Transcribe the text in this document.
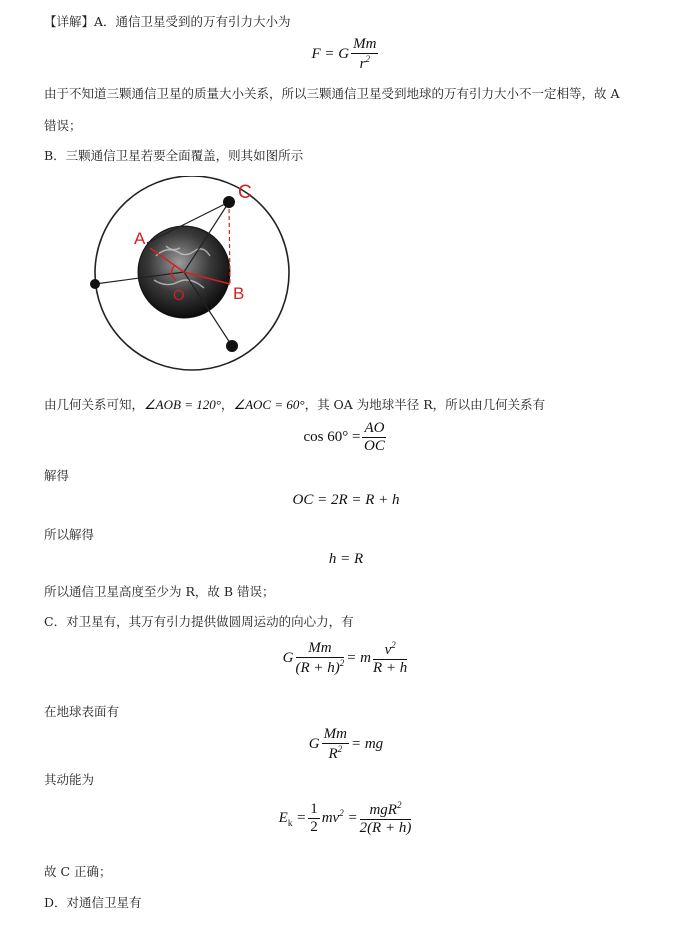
【详解】A．通信卫星受到的万有引力大小为
F = G $\frac{Mm}{r^2}$
由于不知道三颗通信卫星的质量大小关系，所以三颗通信卫星受到地球的万有引力大小不一定相等，故 A
错误；
B．三颗通信卫星若要全面覆盖，则其如图所示
A
B
C
O
由几何关系可知，∠AOB = 120°，∠AOC = 60°，其 OA 为地球半径 R，所以由几何关系有
$\cos 60^\circ = \frac{AO}{OC}$
解得
OC = 2R = R + h
所以解得
h = R
所以通信卫星高度至少为 R，故 B 错误；
C．对卫星有，其万有引力提供做圆周运动的向心力，有
G $\frac{Mm}{(R + h)^2} = m \frac{v^2}{R + h}$
在地球表面有
G $\frac{Mm}{R^2}$ = mg
其动能为
$E_k = \frac{1}{2} mv^2 = \frac{mgR^2}{2(R + h)}$
故 C 正确；
D．对通信卫星有
